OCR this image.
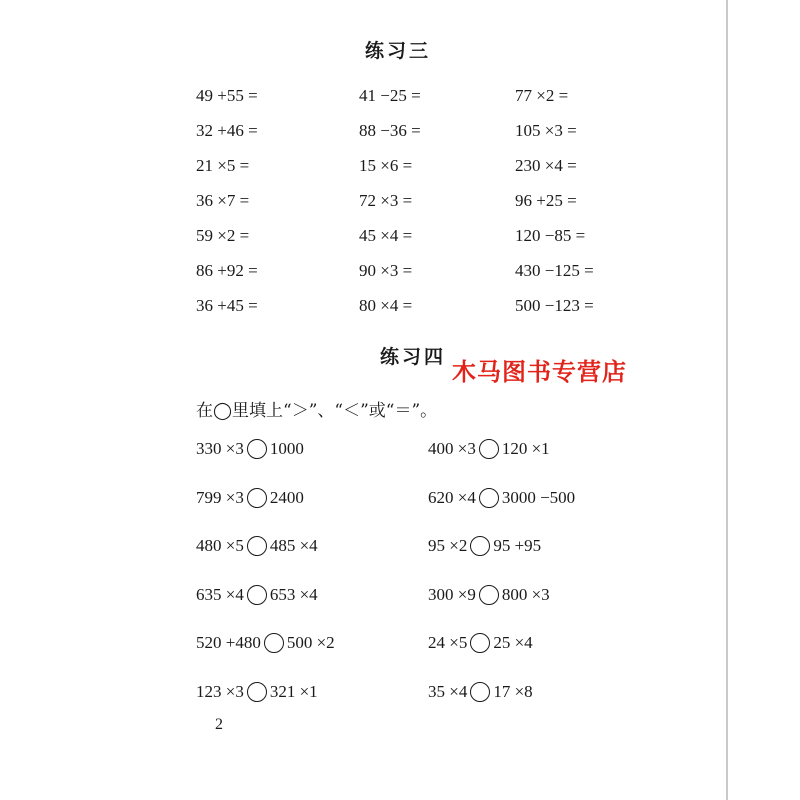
练习三
49 +55 =
32 +46 =
21 ×5 =
36 ×7 =
59 ×2 =
86 +92 =
36 +45 =
41 −25 =
88 −36 =
15 ×6 =
72 ×3 =
45 ×4 =
90 ×3 =
80 ×4 =
77 ×2 =
105 ×3 =
230 ×4 =
96 +25 =
120 −85 =
430 −125 =
500 −123 =
练习四
木马图书专营店
在◯里填上“＞”、“＜”或“＝”。
330 ×3 1000
799 ×3 2400
480 ×5 485 ×4
635 ×4 653 ×4
520 +480 500 ×2
123 ×3 321 ×1
400 ×3 120 ×1
620 ×4 3000 −500
95 ×2 95 +95
300 ×9 800 ×3
24 ×5 25 ×4
35 ×4 17 ×8
2
